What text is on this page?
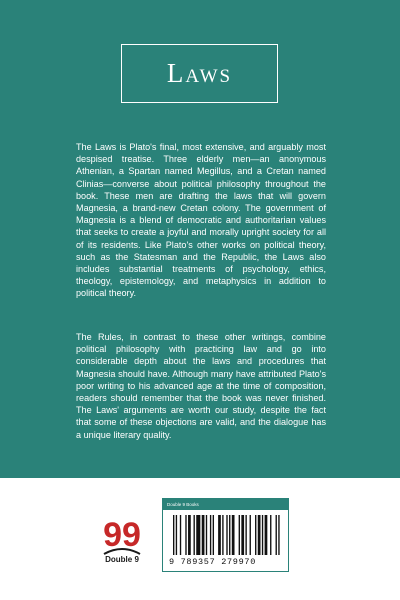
Laws

The Laws is Plato's final, most extensive, and arguably most despised treatise. Three elderly men—an anonymous Athenian, a Spartan named Megillus, and a Cretan named Clinias—converse about political philosophy throughout the book. These men are drafting the laws that will govern Magnesia, a brand-new Cretan colony. The government of Magnesia is a blend of democratic and authoritarian values that seeks to create a joyful and morally upright society for all of its residents. Like Plato's other works on political theory, such as the Statesman and the Republic, the Laws also includes substantial treatments of psychology, ethics, theology, epistemology, and metaphysics in addition to political theory.

The Rules, in contrast to these other writings, combine political philosophy with practicing law and go into considerable depth about the laws and procedures that Magnesia should have. Although many have attributed Plato's poor writing to his advanced age at the time of composition, readers should remember that the book was never finished. The Laws' arguments are worth our study, despite the fact that some of these objections are valid, and the dialogue has a unique literary quality.

99
Double 9
Double 9 Books
9 789357 279970
